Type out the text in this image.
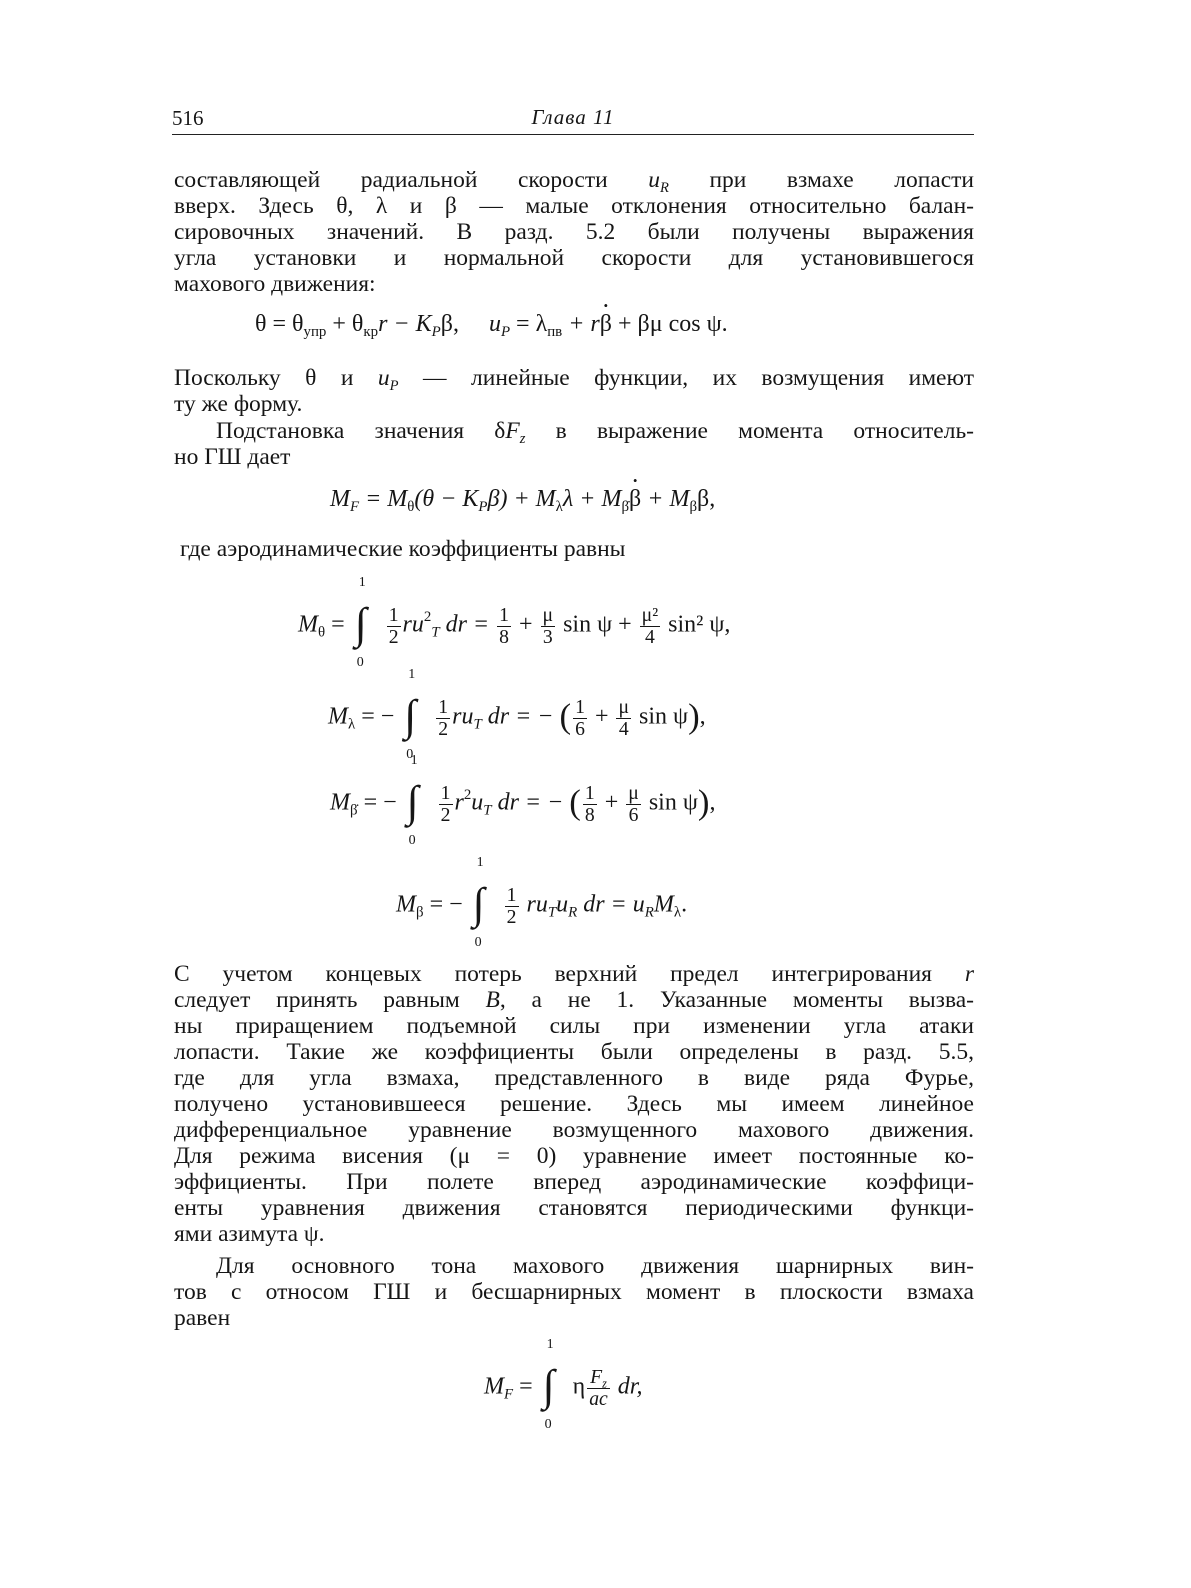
516	Глава 11
составляющей радиальной скорости $u_R$ при взмахе лопасти
вверх. Здесь θ, λ и β — малые отклонения относительно балан-
сировочных значений. В разд. 5.2 были получены выражения
угла установки и нормальной скорости для установившегося
махового движения:
$\theta = \theta_{упр} + \theta_{кр}r - K_P\beta$, $u_P = \lambda_{пв} + r\beta$ · + βμ cos ψ.
Поскольку θ и $u_P$ — линейные функции, их возмущения имеют
ту же форму.
Подстановка значения $\delta F_z$ в выражение момента относитель-
но ГШ дает
$M_F = M_\theta(\theta - K_P\beta) + M_\lambda\lambda + M_{\betȧ}\beta$ · + $M_\beta\beta$,
где аэродинамические коэффициенты равны
$M_\theta$ =
1
∫
0

$\frac{1}{2} ru^2_T$ dr = $\frac{1}{8} + \frac{\mu}{3}$ $\sin \psi + \frac{\text{μ²}}{4} \sin^2$ ψ,
$M_\lambda$ = −
1
∫
0

$\frac{1}{2} ru_T$ dr = − ( $\frac{1}{6} + \frac{\mu}{4}$ sin ψ),
$M_{\betȧ}$ = −
1
∫
0

$\frac{1}{2} r^2u_T$ dr = − ( $\frac{1}{8} + \frac{\mu}{6}$ sin ψ),
$M_\beta$ = −
1
∫
0

$\frac{1}{2} ru_Tu_R$ dr = $u_RM_\lambda$.
С учетом концевых потерь верхний предел интегрирования r
следует принять равным B, а не 1. Указанные моменты вызва-
ны приращением подъемной силы при изменении угла атаки
лопасти. Такие же коэффициенты были определены в разд. 5.5,
где для угла взмаха, представленного в виде ряда Фурье,
получено установившееся решение. Здесь мы имеем линейное
дифференциальное уравнение возмущенного махового движения.
Для режима висения (μ = 0) уравнение имеет постоянные ко-
эффициенты. При полете вперед аэродинамические коэффици-
енты уравнения движения становятся периодическими функци-
ями азимута ψ.
Для основного тона махового движения шарнирных вин-
тов с относом ГШ и бесшарнирных момент в плоскости взмаха
равен
$M_F$ =
1
∫
0
η $\frac{F_z}{ac}$ dr,
